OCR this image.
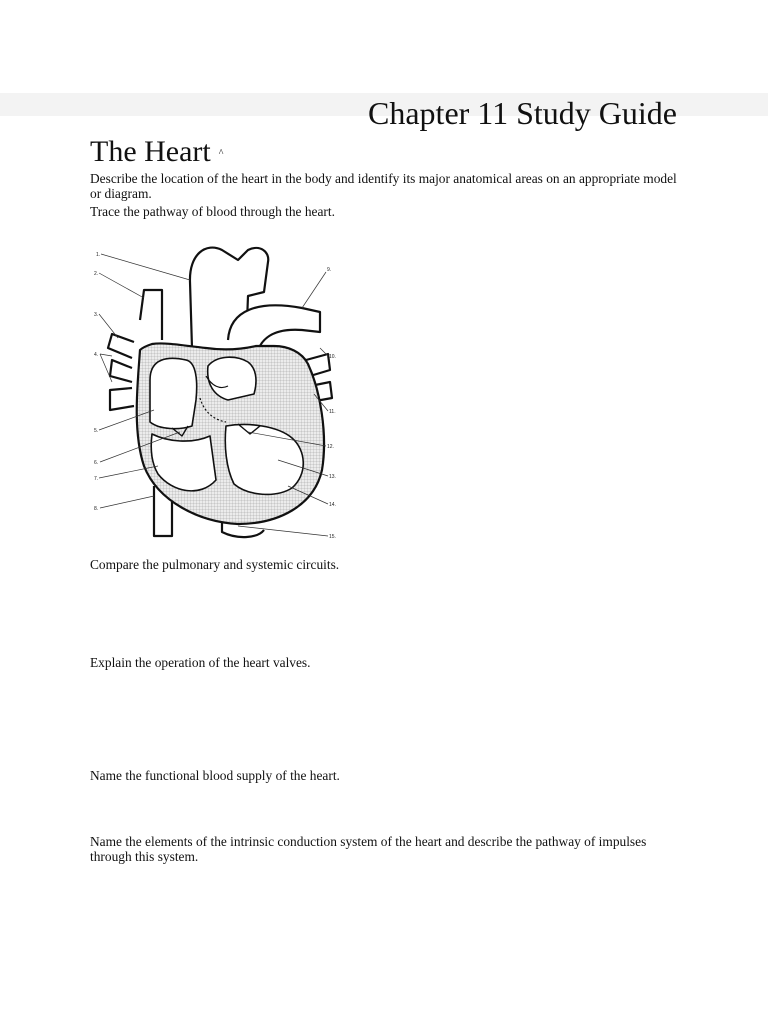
Chapter 11 Study Guide
The Heart ^
Describe the location of the heart in the body and identify its major anatomical areas on an appropriate model or diagram.
Trace the pathway of blood through the heart.
1.
2.
3.
4.
5.
6.
7.
8.
9.
10.
11.
12.
13.
14.
15.
Compare the pulmonary and systemic circuits.
Explain the operation of the heart valves.
Name the functional blood supply of the heart.
Name the elements of the intrinsic conduction system of the heart and describe the pathway of impulses through this system.
